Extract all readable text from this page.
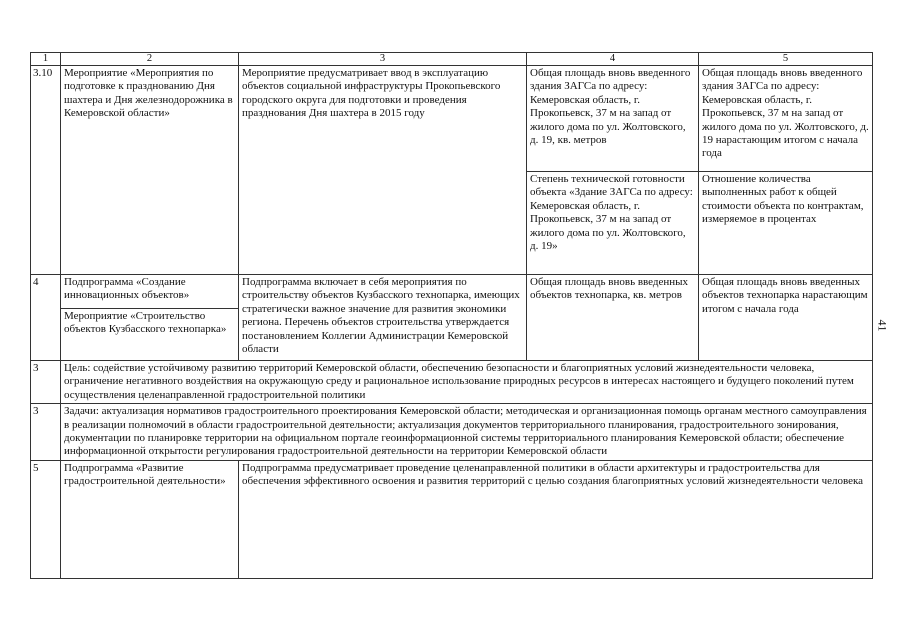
1	2	3	4	5
3.10	Мероприятие «Мероприятия по подготовке к празднованию Дня шахтера и Дня железнодорожника в Кемеровской области»	Мероприятие предусматривает ввод в эксплуатацию объектов социальной инфраструктуры Прокопьевского городского округа для подготовки и проведения празднования Дня шахтера в 2015 году	Общая площадь вновь введенного здания ЗАГСа по адресу: Кемеровская область, г. Прокопьевск, 37 м на запад от жилого дома по ул. Жолтовского, д. 19, кв. метров	Общая площадь вновь введенного здания ЗАГСа по адресу: Кемеровская область, г. Прокопьевск, 37 м на запад от жилого дома по ул. Жолтовского, д. 19 нарастающим итогом с начала года
			Степень технической готовности объекта «Здание ЗАГСа по адресу: Кемеровская область, г. Прокопьевск, 37 м на запад от жилого дома по ул. Жолтовского, д. 19»	Отношение количества выполненных работ к общей стоимости объекта по контрактам, измеряемое в процентах
4	Подпрограмма «Создание инновационных объектов»	Подпрограмма включает в себя мероприятия по строительству объектов Кузбасского технопарка, имеющих стратегически важное значение для развития экономики региона. Перечень объектов строительства утверждается постановлением Коллегии Администрации Кемеровской области	Общая площадь вновь введенных объектов технопарка, кв. метров	Общая площадь вновь введенных объектов технопарка нарастающим итогом с начала года
	Мероприятие «Строительство объектов Кузбасского технопарка»			
3	Цель: содействие устойчивому развитию территорий Кемеровской области, обеспечению безопасности и благоприятных условий жизнедеятельности человека, ограничение негативного воздействия на окружающую среду и рациональное использование природных ресурсов в интересах настоящего и будущего поколений путем осуществления целенаправленной градостроительной политики			
3	Задачи: актуализация нормативов градостроительного проектирования Кемеровской области; методическая и организационная помощь органам местного самоуправления в реализации полномочий в области градостроительной деятельности; актуализация документов территориального планирования, градостроительного зонирования, документации по планировке территории на официальном портале геоинформационной системы территориального планирования Кемеровской области; обеспечение информационной открытости регулирования градостроительной деятельности на территории Кемеровской области			
5	Подпрограмма «Развитие градостроительной деятельности»	Подпрограмма предусматривает проведение целенаправленной политики в области архитектуры и градостроительства для обеспечения эффективного освоения и развития территорий с целью создания благоприятных условий жизнедеятельности человека		
41
